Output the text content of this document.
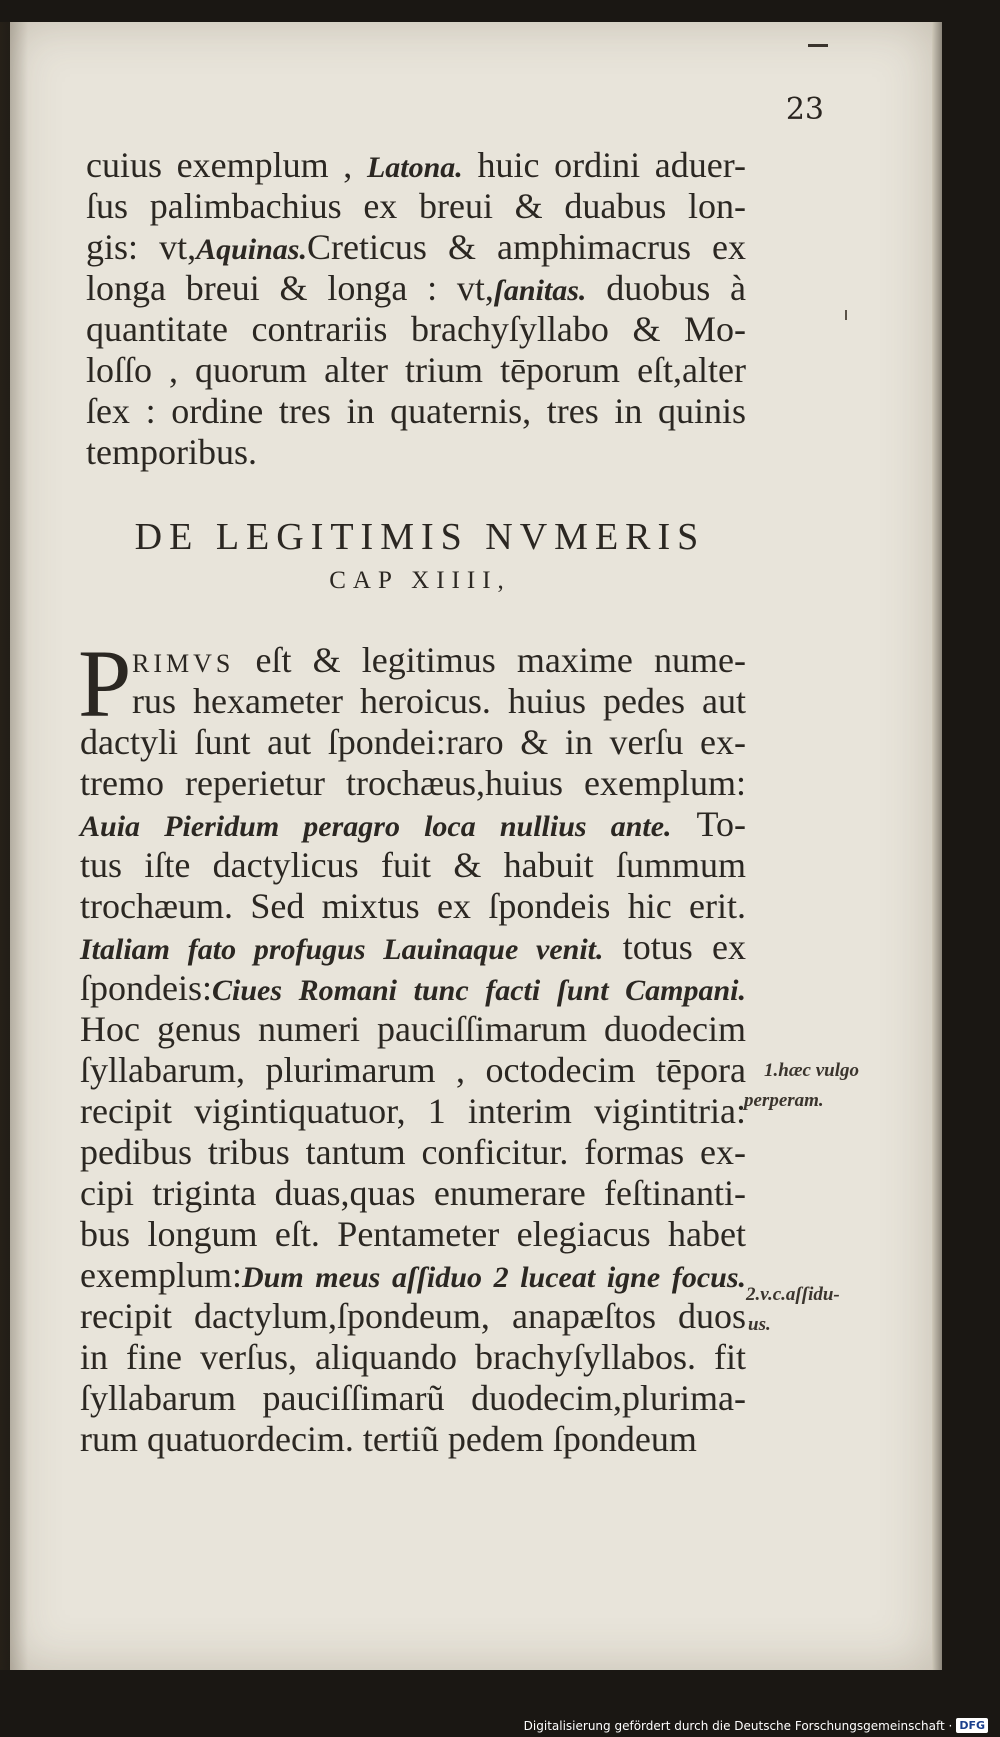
23
cuius exemplum , Latona. huic ordini aduer-
ſus palimbachius ex breui & duabus lon-
gis: vt,Aquinas.Creticus & amphimacrus ex
longa breui & longa : vt,ſanitas. duobus à
quantitate contrariis brachyſyllabo & Mo-
loſſo , quorum alter trium tēporum eſt,alter
ſex : ordine tres in quaternis, tres in quinis
temporibus.
DE LEGITIMIS NVMERIS
CAP XIIII,
P RIMVS eſt & legitimus maxime nume-
rus hexameter heroicus. huius pedes aut
dactyli ſunt aut ſpondei:raro & in verſu ex-
tremo reperietur trochæus,huius exemplum:
Auia Pieridum peragro loca nullius ante. To-
tus iſte dactylicus fuit & habuit ſummum
trochæum. Sed mixtus ex ſpondeis hic erit.
Italiam fato profugus Lauinaque venit. totus ex
ſpondeis:Ciues Romani tunc facti ſunt Campani.
Hoc genus numeri pauciſſimarum duodecim
ſyllabarum, plurimarum , octodecim tēpora
recipit vigintiquatuor, 1 interim vigintitria:
pedibus tribus tantum conficitur. formas ex-
cipi triginta duas,quas enumerare feſtinanti-
bus longum eſt. Pentameter elegiacus habet
exemplum:Dum meus aſſiduo 2 luceat igne focus.
recipit dactylum,ſpondeum, anapæſtos duos
in fine verſus, aliquando brachyſyllabos. fit
ſyllabarum pauciſſimarũ duodecim,plurima-
rum quatuordecim. tertiũ pedem ſpondeum
1.hæc vulgo
perperam.
2.v.c.aſſidu-
us.
Digitalisierung gefördert durch die Deutsche Forschungsgemeinschaft · DFG
